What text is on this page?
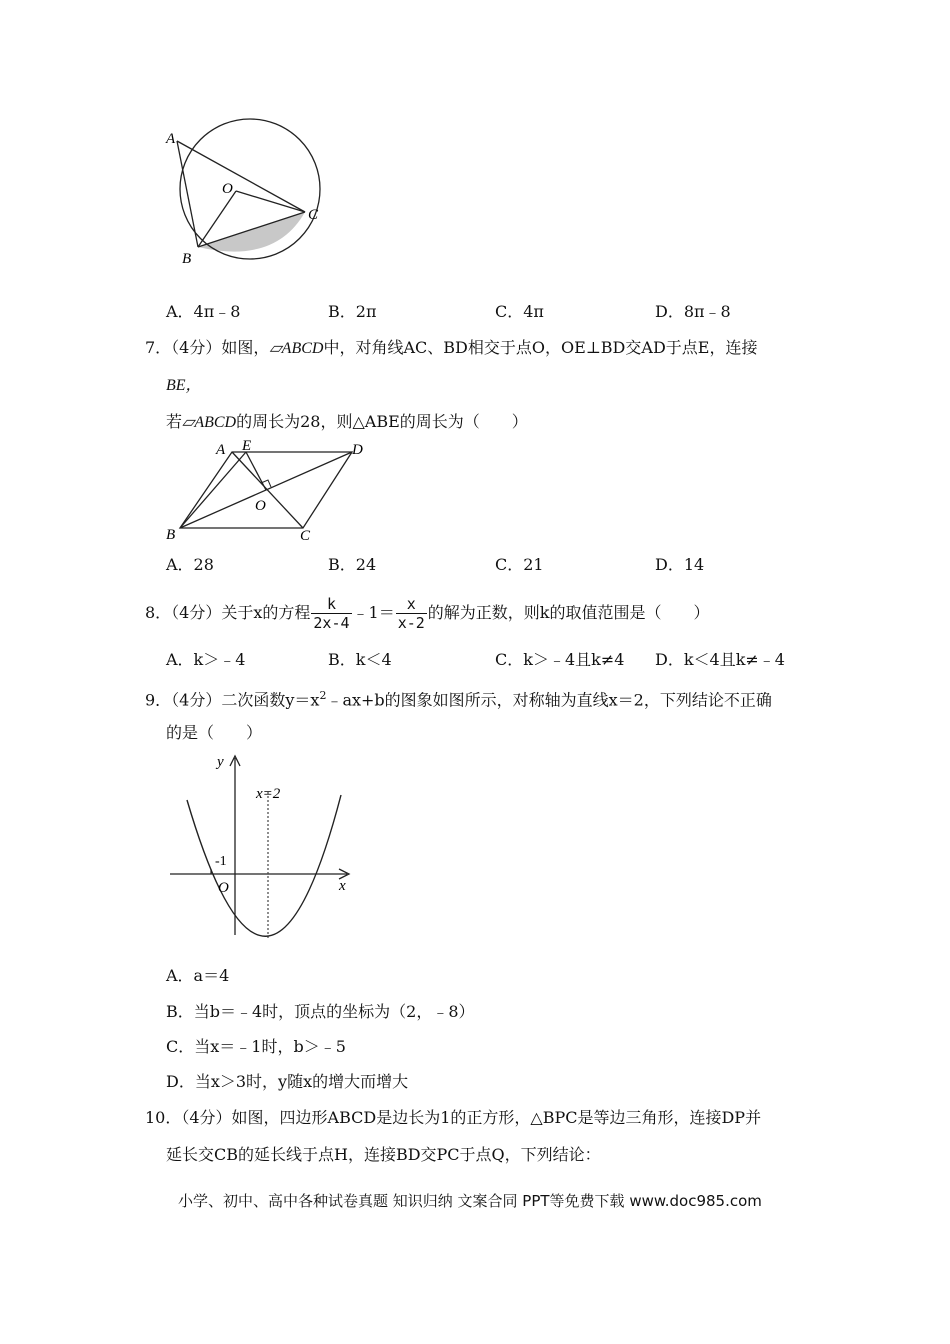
A
O
B
C
A．4π﹣8	B．2π	C．4π	D．8π﹣8
7．（4分）如图，▱ABCD中，对角线AC、BD相交于点O，OE⊥BD交AD于点E，连接
BE，
若▱ABCD的周长为28，则△ABE的周长为（　　）
A E	D
O
B	C
A．28	B．24	C．21	D．14
8．（4分）关于x的方程 $\frac{k}{2x-4}$ ﹣1＝ $\frac{x}{x-2}$ 的解为正数，则k的取值范围是（　　）
A．k＞﹣4	B．k＜4	C．k＞﹣4且k≠4 D．k＜4且k≠﹣4
9．（4分）二次函数$y=x^2﹣ax+b$的图象如图所示，对称轴为直线x＝2，下列结论不正确
的是（　　）
y
x
x=2
-1
O
A．a＝4
B．当b＝﹣4时，顶点的坐标为（2，﹣8）
C．当x＝﹣1时，b＞﹣5
D．当x＞3时，y随x的增大而增大
10．（4分）如图，四边形ABCD是边长为1的正方形，△BPC是等边三角形，连接DP并
延长交CB的延长线于点H，连接BD交PC于点Q，下列结论：
小学、初中、高中各种试卷真题 知识归纳 文案合同 PPT等免费下载 www.doc985.com
